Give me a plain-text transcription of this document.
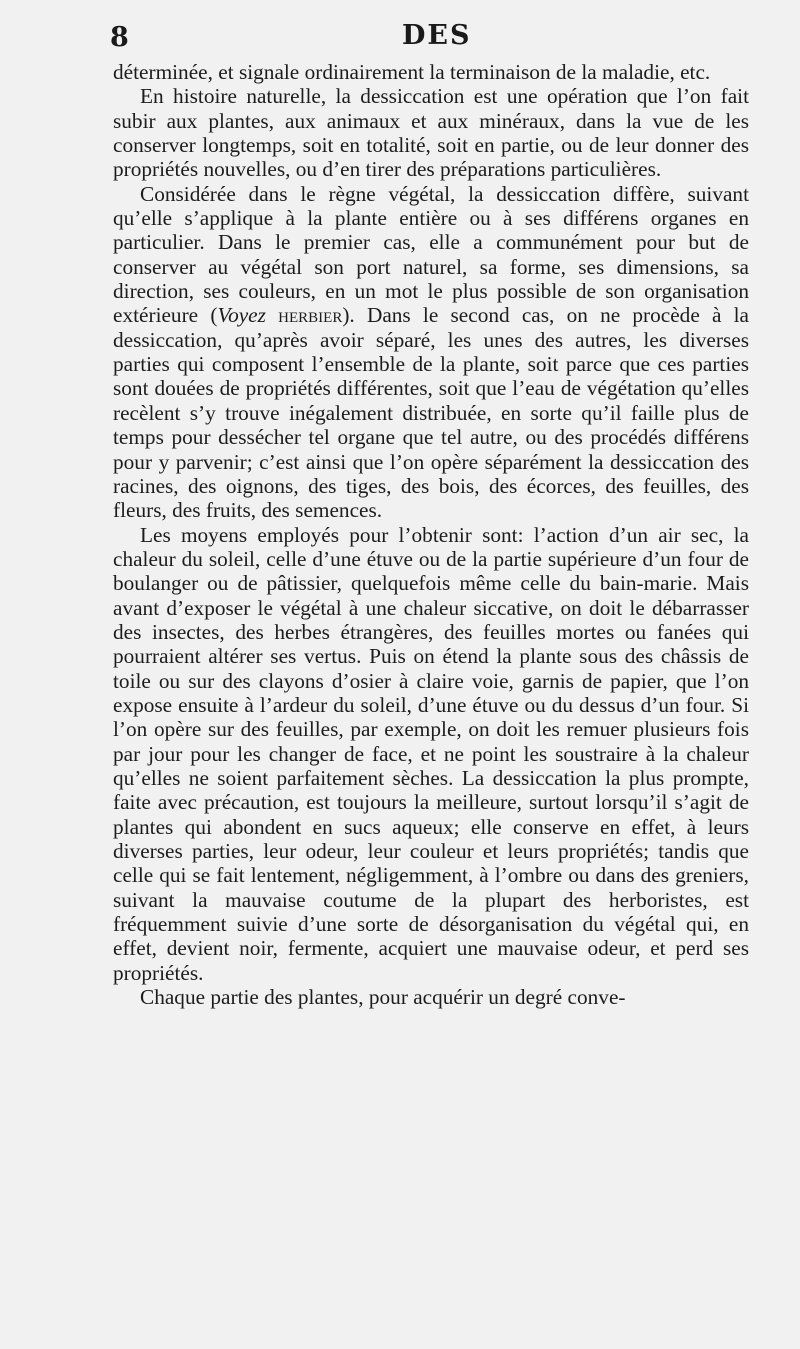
8	DES

déterminée, et signale ordinairement la terminaison de la maladie, etc.

En histoire naturelle, la dessiccation est une opération que l’on fait subir aux plantes, aux animaux et aux minéraux, dans la vue de les conserver longtemps, soit en totalité, soit en partie, ou de leur donner des propriétés nouvelles, ou d’en tirer des préparations particulières.

Considérée dans le règne végétal, la dessiccation diffère, suivant qu’elle s’applique à la plante entière ou à ses différens organes en particulier. Dans le premier cas, elle a communément pour but de conserver au végétal son port naturel, sa forme, ses dimensions, sa direction, ses couleurs, en un mot le plus possible de son organisation extérieure (Voyez herbier). Dans le second cas, on ne procède à la dessiccation, qu’après avoir séparé, les unes des autres, les diverses parties qui composent l’ensemble de la plante, soit parce que ces parties sont douées de propriétés différentes, soit que l’eau de végétation qu’elles recèlent s’y trouve inégalement distribuée, en sorte qu’il faille plus de temps pour dessécher tel organe que tel autre, ou des procédés différens pour y parvenir; c’est ainsi que l’on opère séparément la dessiccation des racines, des oignons, des tiges, des bois, des écorces, des feuilles, des fleurs, des fruits, des semences.

Les moyens employés pour l’obtenir sont: l’action d’un air sec, la chaleur du soleil, celle d’une étuve ou de la partie supérieure d’un four de boulanger ou de pâtissier, quelquefois même celle du bain-marie. Mais avant d’exposer le végétal à une chaleur siccative, on doit le débarrasser des insectes, des herbes étrangères, des feuilles mortes ou fanées qui pourraient altérer ses vertus. Puis on étend la plante sous des châssis de toile ou sur des clayons d’osier à claire voie, garnis de papier, que l’on expose ensuite à l’ardeur du soleil, d’une étuve ou du dessus d’un four. Si l’on opère sur des feuilles, par exemple, on doit les remuer plusieurs fois par jour pour les changer de face, et ne point les soustraire à la chaleur qu’elles ne soient parfaitement sèches. La dessiccation la plus prompte, faite avec précaution, est toujours la meilleure, surtout lorsqu’il s’agit de plantes qui abondent en sucs aqueux; elle conserve en effet, à leurs diverses parties, leur odeur, leur couleur et leurs propriétés; tandis que celle qui se fait lentement, négligemment, à l’ombre ou dans des greniers, suivant la mauvaise coutume de la plupart des herboristes, est fréquemment suivie d’une sorte de désorganisation du végétal qui, en effet, devient noir, fermente, acquiert une mauvaise odeur, et perd ses propriétés.

Chaque partie des plantes, pour acquérir un degré conve-
